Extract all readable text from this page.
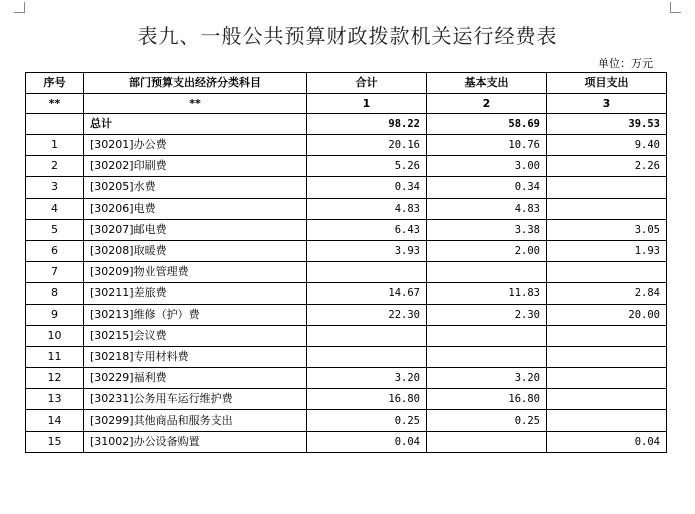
表九、一般公共预算财政拨款机关运行经费表
单位：万元
序号	部门预算支出经济分类科目	合计	基本支出	项目支出
**	**	1	2	3
	总计	98.22	58.69	39.53
1	[30201]办公费	20.16	10.76	9.40
2	[30202]印刷费	5.26	3.00	2.26
3	[30205]水费	0.34	0.34	
4	[30206]电费	4.83	4.83	
5	[30207]邮电费	6.43	3.38	3.05
6	[30208]取暖费	3.93	2.00	1.93
7	[30209]物业管理费			
8	[30211]差旅费	14.67	11.83	2.84
9	[30213]维修（护）费	22.30	2.30	20.00
10	[30215]会议费			
11	[30218]专用材料费			
12	[30229]福利费	3.20	3.20	
13	[30231]公务用车运行维护费	16.80	16.80	
14	[30299]其他商品和服务支出	0.25	0.25	
15	[31002]办公设备购置	0.04		0.04
